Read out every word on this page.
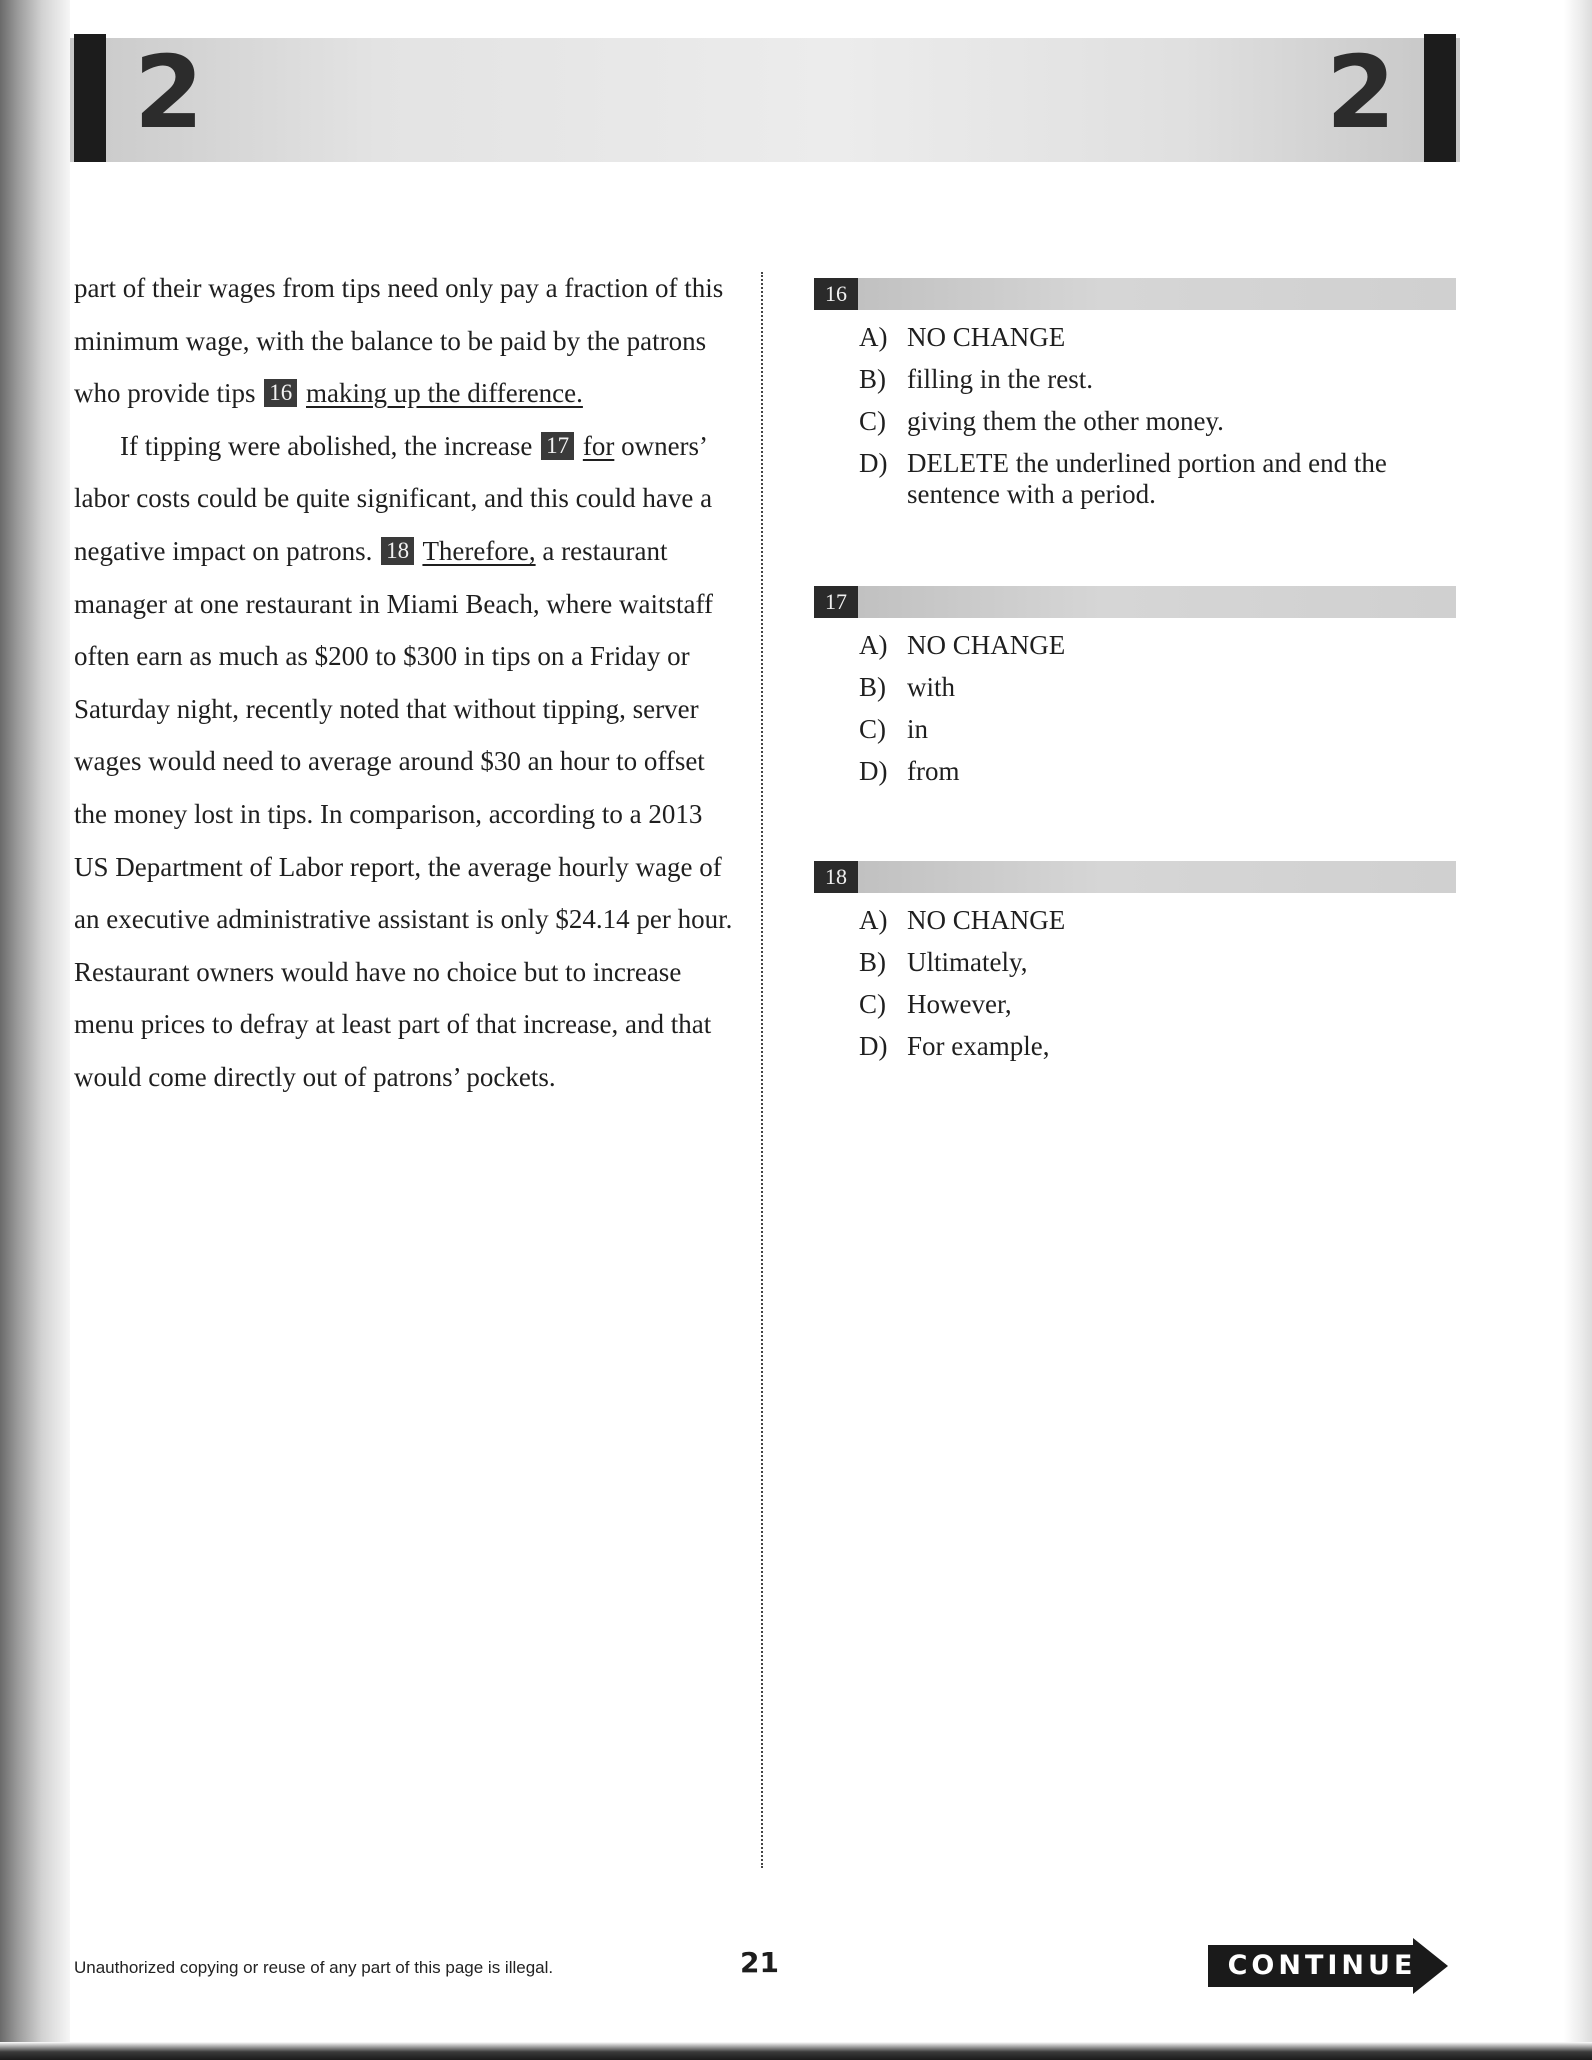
2	2

part of their wages from tips need only pay a fraction of this minimum wage, with the balance to be paid by the patrons who provide tips 16 making up the difference.

If tipping were abolished, the increase 17 for owners’ labor costs could be quite significant, and this could have a negative impact on patrons. 18 Therefore, a restaurant manager at one restaurant in Miami Beach, where waitstaff often earn as much as $200 to $300 in tips on a Friday or Saturday night, recently noted that without tipping, server wages would need to average around $30 an hour to offset the money lost in tips. In comparison, according to a 2013 US Department of Labor report, the average hourly wage of an executive administrative assistant is only $24.14 per hour. Restaurant owners would have no choice but to increase menu prices to defray at least part of that increase, and that would come directly out of patrons’ pockets.

16
A) NO CHANGE
B) filling in the rest.
C) giving them the other money.
D) DELETE the underlined portion and end the sentence with a period.
17
A) NO CHANGE
B) with
C) in
D) from
18
A) NO CHANGE
B) Ultimately,
C) However,
D) For example,
Unauthorized copying or reuse of any part of this page is illegal.	21	CONTINUE
